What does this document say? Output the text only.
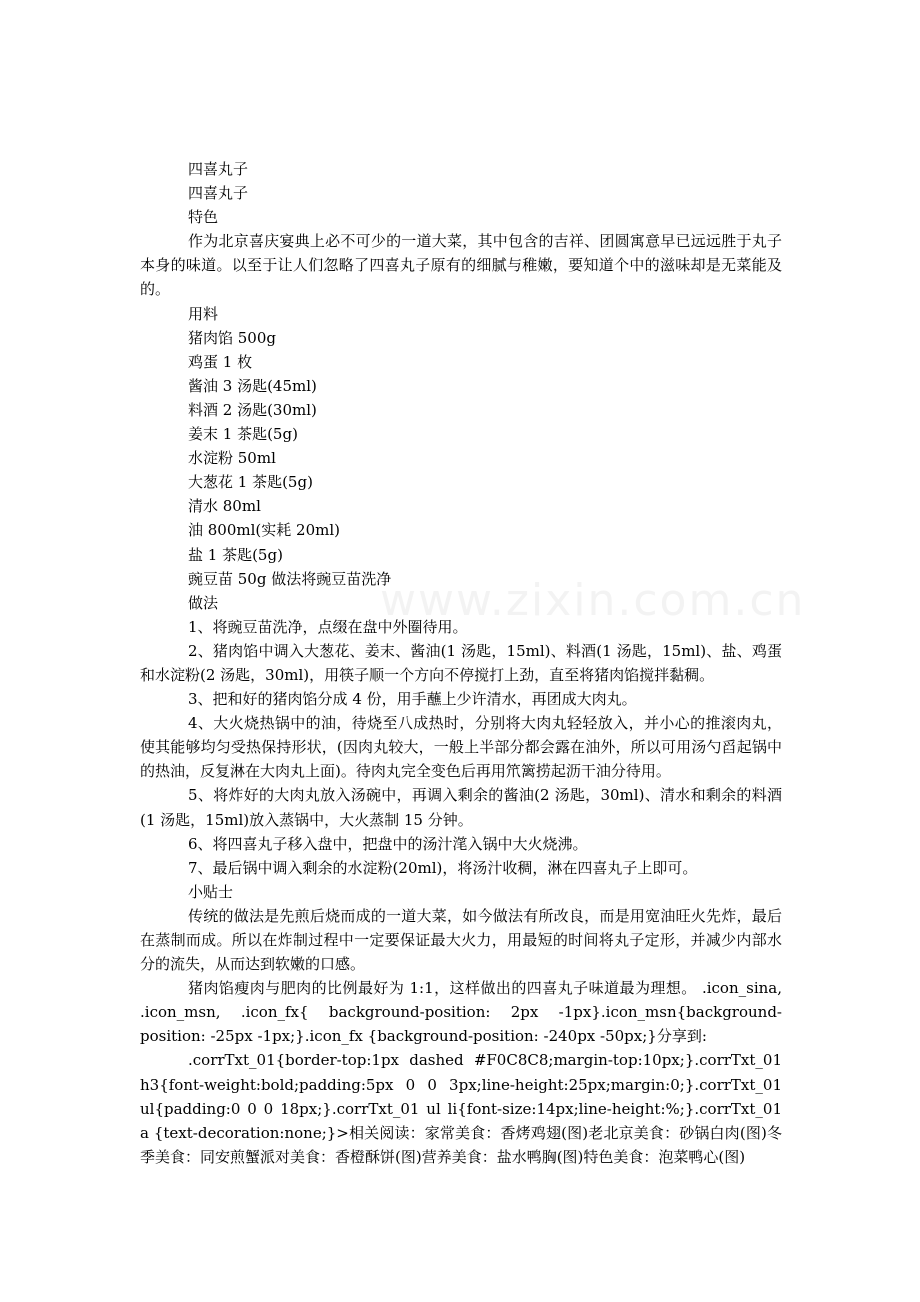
www.zixin.com.cn
四喜丸子
四喜丸子
特色
作为北京喜庆宴典上必不可少的一道大菜，其中包含的吉祥、团圆寓意早已远远胜于丸子本身的味道。以至于让人们忽略了四喜丸子原有的细腻与稚嫩，要知道个中的滋味却是无菜能及的。
用料
猪肉馅 500g
鸡蛋 1 枚
酱油 3 汤匙(45ml)
料酒 2 汤匙(30ml)
姜末 1 茶匙(5g)
水淀粉 50ml
大葱花 1 茶匙(5g)
清水 80ml
油 800ml(实耗 20ml)
盐 1 茶匙(5g)
豌豆苗 50g 做法将豌豆苗洗净
做法
1、将豌豆苗洗净，点缀在盘中外圈待用。
2、猪肉馅中调入大葱花、姜末、酱油(1 汤匙，15ml)、料酒(1 汤匙，15ml)、盐、鸡蛋和水淀粉(2 汤匙，30ml)，用筷子顺一个方向不停搅打上劲，直至将猪肉馅搅拌黏稠。
3、把和好的猪肉馅分成 4 份，用手蘸上少许清水，再团成大肉丸。
4、大火烧热锅中的油，待烧至八成热时，分别将大肉丸轻轻放入，并小心的推滚肉丸，使其能够均匀受热保持形状，(因肉丸较大，一般上半部分都会露在油外，所以可用汤勺舀起锅中的热油，反复淋在大肉丸上面)。待肉丸完全变色后再用笊篱捞起沥干油分待用。
5、将炸好的大肉丸放入汤碗中，再调入剩余的酱油(2 汤匙，30ml)、清水和剩余的料酒(1 汤匙，15ml)放入蒸锅中，大火蒸制 15 分钟。
6、将四喜丸子移入盘中，把盘中的汤汁滗入锅中大火烧沸。
7、最后锅中调入剩余的水淀粉(20ml)，将汤汁收稠，淋在四喜丸子上即可。
小贴士
传统的做法是先煎后烧而成的一道大菜，如今做法有所改良，而是用宽油旺火先炸，最后在蒸制而成。所以在炸制过程中一定要保证最大火力，用最短的时间将丸子定形，并减少内部水分的流失，从而达到软嫩的口感。
猪肉馅瘦肉与肥肉的比例最好为 1:1，这样做出的四喜丸子味道最为理想。 .icon_sina, .icon_msn, .icon_fx{ background-position: 2px -1px}.icon_msn{background-position: -25px -1px;}.icon_fx {background-position: -240px -50px;}分享到:
.corrTxt_01{border-top:1px dashed #F0C8C8;margin-top:10px;}.corrTxt_01 h3{font-weight:bold;padding:5px 0 0 3px;line-height:25px;margin:0;}.corrTxt_01 ul{padding:0 0 0 18px;}.corrTxt_01 ul li{font-size:14px;line-height:%;}.corrTxt_01 a {text-decoration:none;}>相关阅读：家常美食：香烤鸡翅(图)老北京美食：砂锅白肉(图)冬季美食：同安煎蟹派对美食：香橙酥饼(图)营养美食：盐水鸭胸(图)特色美食：泡菜鸭心(图)
